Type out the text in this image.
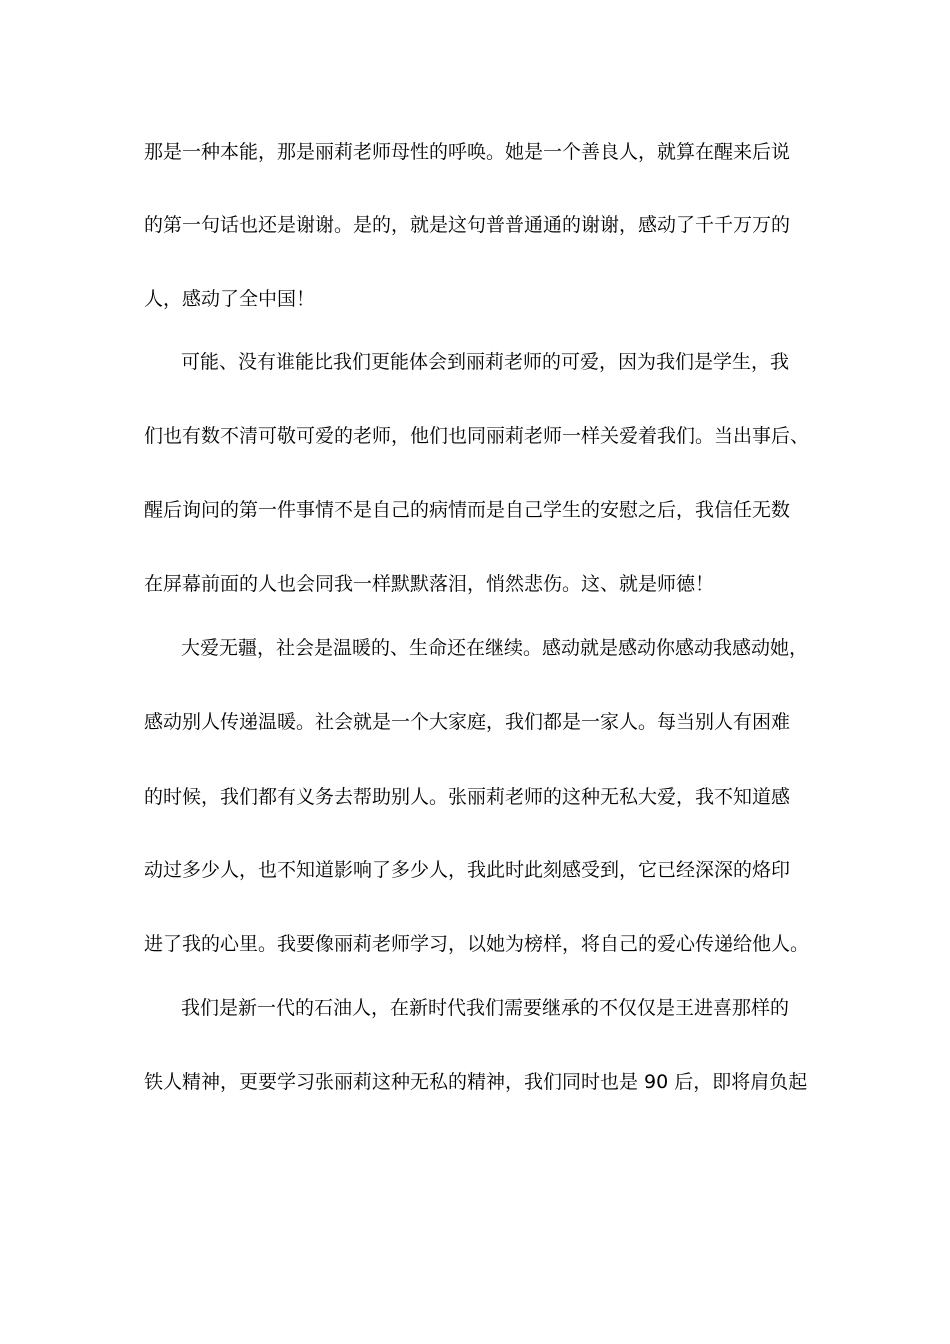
那是一种本能，那是丽莉老师母性的呼唤。她是一个善良人，就算在醒来后说
的第一句话也还是谢谢。是的，就是这句普普通通的谢谢，感动了千千万万的
人，感动了全中国！
可能、没有谁能比我们更能体会到丽莉老师的可爱，因为我们是学生，我
们也有数不清可敬可爱的老师，他们也同丽莉老师一样关爱着我们。当出事后、
醒后询问的第一件事情不是自己的病情而是自己学生的安慰之后，我信任无数
在屏幕前面的人也会同我一样默默落泪，悄然悲伤。这、就是师德！
大爱无疆，社会是温暖的、生命还在继续。感动就是感动你感动我感动她，
感动别人传递温暖。社会就是一个大家庭，我们都是一家人。每当别人有困难
的时候，我们都有义务去帮助别人。张丽莉老师的这种无私大爱，我不知道感
动过多少人，也不知道影响了多少人，我此时此刻感受到，它已经深深的烙印
进了我的心里。我要像丽莉老师学习，以她为榜样，将自己的爱心传递给他人。
我们是新一代的石油人，在新时代我们需要继承的不仅仅是王进喜那样的
铁人精神，更要学习张丽莉这种无私的精神，我们同时也是 90 后，即将肩负起
